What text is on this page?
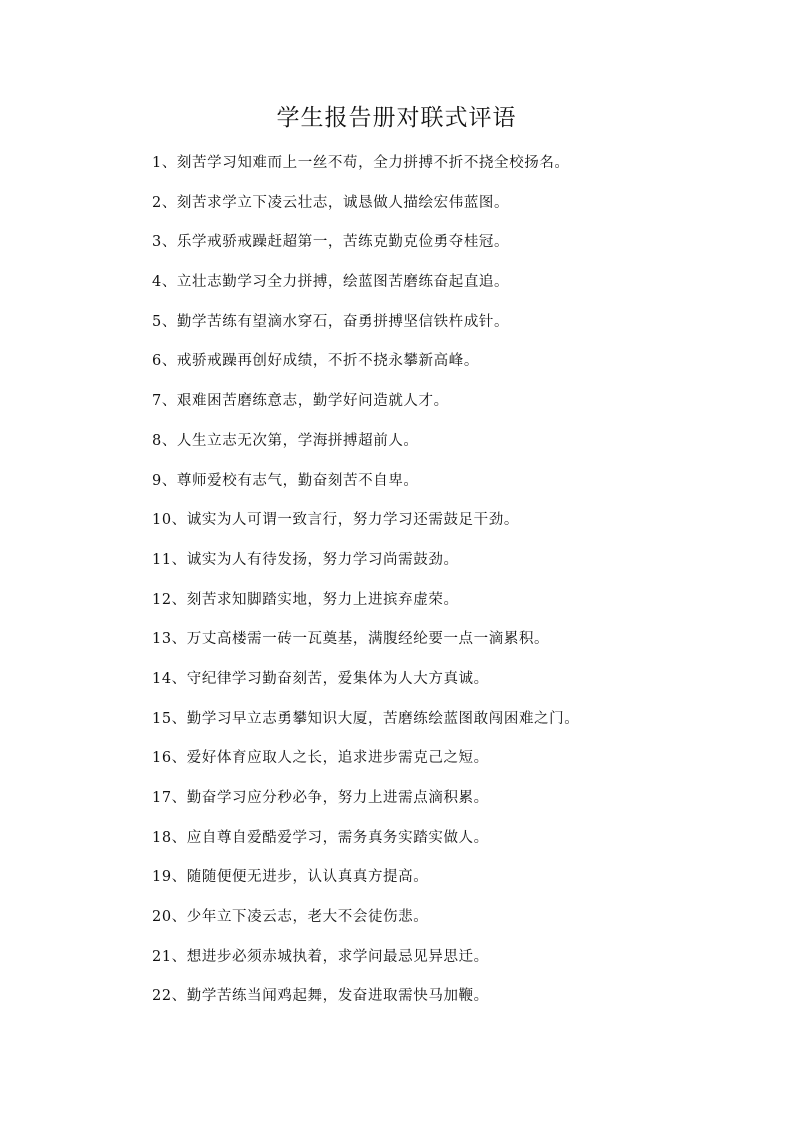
学生报告册对联式评语
1、刻苦学习知难而上一丝不苟，全力拼搏不折不挠全校扬名。
2、刻苦求学立下凌云壮志，诚恳做人描绘宏伟蓝图。
3、乐学戒骄戒躁赶超第一，苦练克勤克俭勇夺桂冠。
4、立壮志勤学习全力拼搏，绘蓝图苦磨练奋起直追。
5、勤学苦练有望滴水穿石，奋勇拼搏坚信铁杵成针。
6、戒骄戒躁再创好成绩，不折不挠永攀新高峰。
7、艰难困苦磨练意志，勤学好问造就人才。
8、人生立志无次第，学海拼搏超前人。
9、尊师爱校有志气，勤奋刻苦不自卑。
10、诚实为人可谓一致言行，努力学习还需鼓足干劲。
11、诚实为人有待发扬，努力学习尚需鼓劲。
12、刻苦求知脚踏实地，努力上进摈弃虚荣。
13、万丈高楼需一砖一瓦奠基，满腹经纶要一点一滴累积。
14、守纪律学习勤奋刻苦，爱集体为人大方真诚。
15、勤学习早立志勇攀知识大厦，苦磨练绘蓝图敢闯困难之门。
16、爱好体育应取人之长，追求进步需克己之短。
17、勤奋学习应分秒必争，努力上进需点滴积累。
18、应自尊自爱酷爱学习，需务真务实踏实做人。
19、随随便便无进步，认认真真方提高。
20、少年立下凌云志，老大不会徒伤悲。
21、想进步必须赤城执着，求学问最忌见异思迁。
22、勤学苦练当闻鸡起舞，发奋进取需快马加鞭。
